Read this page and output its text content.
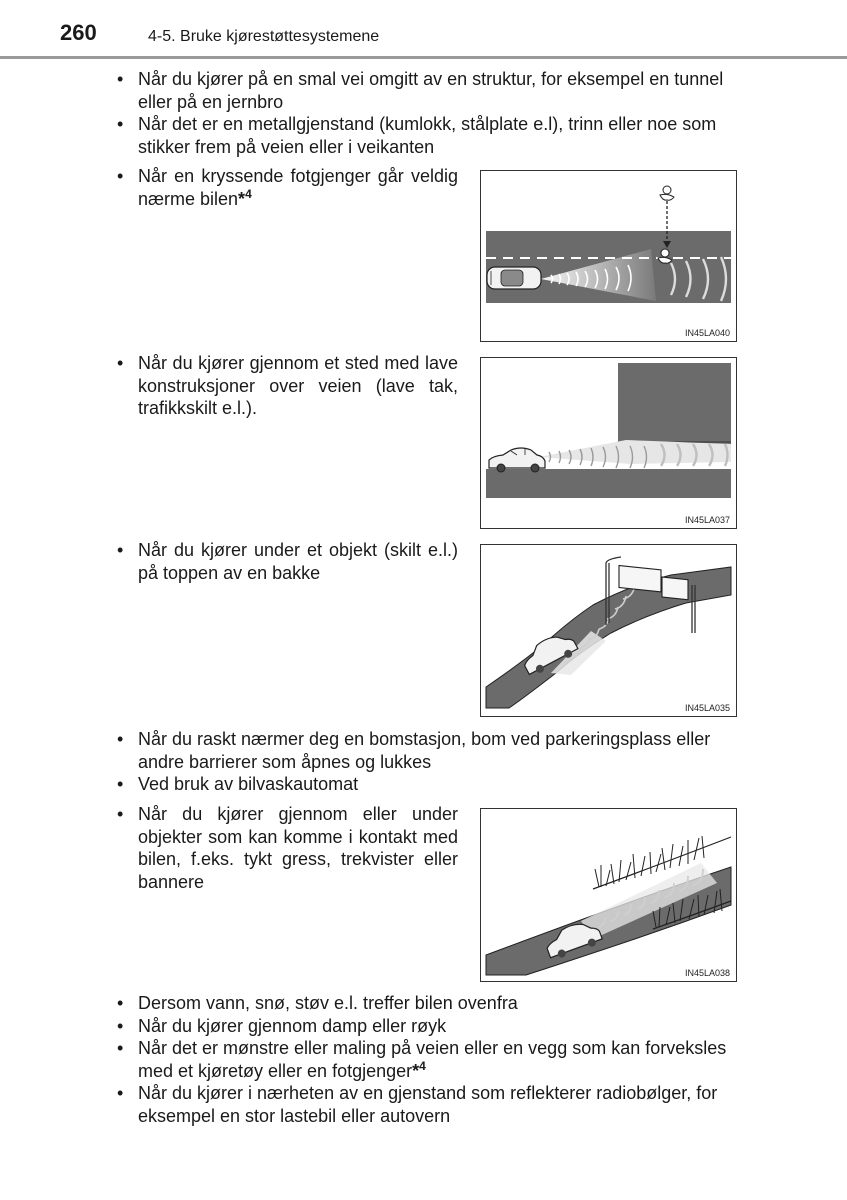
260	4-5. Bruke kjørestøttesystemene
• Når du kjører på en smal vei omgitt av en struktur, for eksempel en tunnel eller på en jernbro
• Når det er en metallgjenstand (kumlokk, stålplate e.l), trinn eller noe som stikker frem på veien eller i veikanten
• Når en kryssende fotgjenger går veldig nærme bilen*$^4$
• Når du kjører gjennom et sted med lave konstruksjoner over veien (lave tak, trafikkskilt e.l.).
• Når du kjører under et objekt (skilt e.l.) på toppen av en bakke
• Når du raskt nærmer deg en bomstasjon, bom ved parkeringsplass eller andre barrierer som åpnes og lukkes
• Ved bruk av bilvaskautomat
• Når du kjører gjennom eller under objekter som kan komme i kontakt med bilen, f.eks. tykt gress, trekvister eller bannere
• Dersom vann, snø, støv e.l. treffer bilen ovenfra
• Når du kjører gjennom damp eller røyk
• Når det er mønstre eller maling på veien eller en vegg som kan forveksles med et kjøretøy eller en fotgjenger*$^4$
• Når du kjører i nærheten av en gjenstand som reflekterer radiobølger, for eksempel en stor lastebil eller autovern
IN45LA040
IN45LA037
IN45LA035
IN45LA038
